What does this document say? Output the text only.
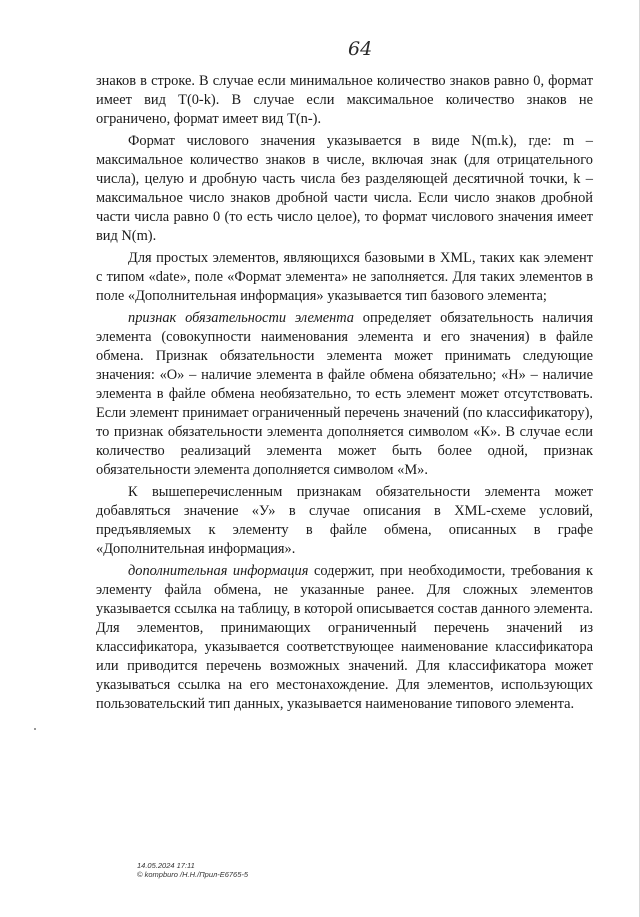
64

знаков в строке. В случае если минимальное количество знаков равно 0, формат имеет вид T(0-k). В случае если максимальное количество знаков не ограничено, формат имеет вид T(n-).

Формат числового значения указывается в виде N(m.k), где: m – максимальное количество знаков в числе, включая знак (для отрицательного числа), целую и дробную часть числа без разделяющей десятичной точки, k – максимальное число знаков дробной части числа. Если число знаков дробной части числа равно 0 (то есть число целое), то формат числового значения имеет вид N(m).

Для простых элементов, являющихся базовыми в XML, таких как элемент с типом «date», поле «Формат элемента» не заполняется. Для таких элементов в поле «Дополнительная информация» указывается тип базового элемента;

признак обязательности элемента определяет обязательность наличия элемента (совокупности наименования элемента и его значения) в файле обмена. Признак обязательности элемента может принимать следующие значения: «О» – наличие элемента в файле обмена обязательно; «Н» – наличие элемента в файле обмена необязательно, то есть элемент может отсутствовать. Если элемент принимает ограниченный перечень значений (по классификатору), то признак обязательности элемента дополняется символом «К». В случае если количество реализаций элемента может быть более одной, признак обязательности элемента дополняется символом «М».

К вышеперечисленным признакам обязательности элемента может добавляться значение «У» в случае описания в XML-схеме условий, предъявляемых к элементу в файле обмена, описанных в графе «Дополнительная информация».

дополнительная информация содержит, при необходимости, требования к элементу файла обмена, не указанные ранее. Для сложных элементов указывается ссылка на таблицу, в которой описывается состав данного элемента. Для элементов, принимающих ограниченный перечень значений из классификатора, указывается соответствующее наименование классификатора или приводится перечень возможных значений. Для классификатора может указываться ссылка на его местонахождение. Для элементов, использующих пользовательский тип данных, указывается наименование типового элемента.

14.05.2024 17:11
© kompburo /Н.Н./Прил-Е6765-5
